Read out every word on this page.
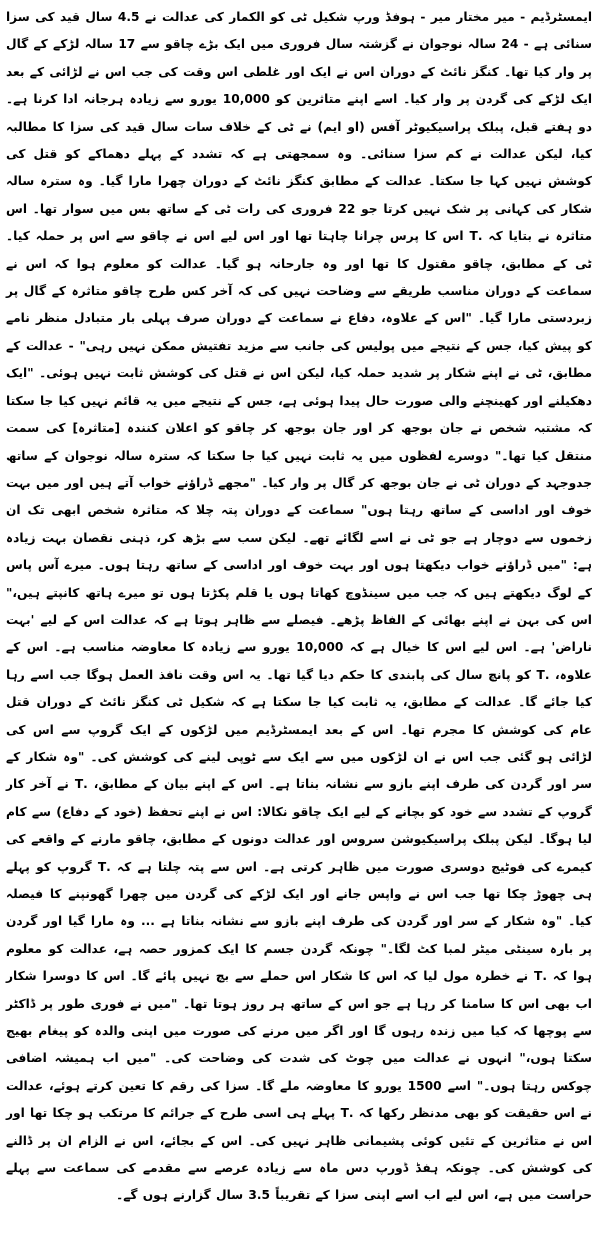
ایمسٹرڈیم - میر مختار میر - ہوفڈ ورپ شکیل ٹی کو الکمار کی عدالت نے 4.5 سال قید کی سزا سنائی ہے - 24 سالہ نوجوان نے گزشتہ سال فروری میں ایک بڑے چاقو سے 17 سالہ لڑکے کے گال پر وار کیا تھا۔ کنگز نائٹ کے دوران اس نے ایک اور غلطی اس وقت کی جب اس نے لڑائی کے بعد ایک لڑکے کی گردن پر وار کیا۔ اسے اپنے متاثرین کو 10,000 یورو سے زیادہ ہرجانہ ادا کرنا ہے۔ دو ہفتے قبل، پبلک پراسیکیوٹر آفس (او ایم) نے ٹی کے خلاف سات سال قید کی سزا کا مطالبہ کیا، لیکن عدالت نے کم سزا سنائی۔ وہ سمجھتی ہے کہ تشدد کے پہلے دھماکے کو قتل کی کوشش نہیں کہا جا سکتا۔ عدالت کے مطابق کنگز نائٹ کے دوران چھرا مارا گیا۔ وہ سترہ سالہ شکار کی کہانی پر شک نہیں کرتا جو 22 فروری کی رات ٹی کے ساتھ بس میں سوار تھا۔ اس متاثرہ نے بتایا کہ .T اس کا پرس چرانا چاہتا تھا اور اس لیے اس نے چاقو سے اس پر حملہ کیا۔ ٹی کے مطابق، چاقو مقتول کا تھا اور وہ جارحانہ ہو گیا۔ عدالت کو معلوم ہوا کہ اس نے سماعت کے دوران مناسب طریقے سے وضاحت نہیں کی کہ آخر کس طرح چاقو متاثرہ کے گال پر زبردستی مارا گیا۔ "اس کے علاوہ، دفاع نے سماعت کے دوران صرف پہلی بار متبادل منظر نامے کو پیش کیا، جس کے نتیجے میں پولیس کی جانب سے مزید تفتیش ممکن نہیں رہی" - عدالت کے مطابق، ٹی نے اپنے شکار پر شدید حملہ کیا، لیکن اس نے قتل کی کوشش ثابت نہیں ہوئی۔ "ایک دھکیلنے اور کھینچنے والی صورت حال پیدا ہوئی ہے، جس کے نتیجے میں یہ قائم نہیں کیا جا سکتا کہ مشتبہ شخص نے جان بوجھ کر اور جان بوجھ کر چاقو کو اعلان کنندہ [متاثرہ] کی سمت منتقل کیا تھا۔" دوسرے لفظوں میں یہ ثابت نہیں کیا جا سکتا کہ سترہ سالہ نوجوان کے ساتھ جدوجہد کے دوران ٹی نے جان بوجھ کر گال پر وار کیا۔ "مجھے ڈراؤنے خواب آتے ہیں اور میں بہت خوف اور اداسی کے ساتھ رہتا ہوں" سماعت کے دوران پتہ چلا کہ متاثرہ شخص ابھی تک ان زخموں سے دوچار ہے جو ٹی نے اسے لگائے تھے۔ لیکن سب سے بڑھ کر، ذہنی نقصان بہت زیادہ ہے: "میں ڈراؤنے خواب دیکھتا ہوں اور بہت خوف اور اداسی کے ساتھ رہتا ہوں۔ میرے آس پاس کے لوگ دیکھتے ہیں کہ جب میں سینڈوچ کھاتا ہوں یا قلم پکڑتا ہوں تو میرے ہاتھ کانپتے ہیں،" اس کی بہن نے اپنے بھائی کے الفاظ پڑھے۔ فیصلے سے ظاہر ہوتا ہے کہ عدالت اس کے لیے 'بہت ناراض' ہے۔ اس لیے اس کا خیال ہے کہ 10,000 یورو سے زیادہ کا معاوضہ مناسب ہے۔ اس کے علاوہ، .T کو پانچ سال کی پابندی کا حکم دیا گیا تھا۔ یہ اس وقت نافذ العمل ہوگا جب اسے رہا کیا جائے گا۔ عدالت کے مطابق، یہ ثابت کیا جا سکتا ہے کہ شکیل ٹی کنگز نائٹ کے دوران قتل عام کی کوشش کا مجرم تھا۔ اس کے بعد ایمسٹرڈیم میں لڑکوں کے ایک گروپ سے اس کی لڑائی ہو گئی جب اس نے ان لڑکوں میں سے ایک سے ٹوپی لینے کی کوشش کی۔ "وہ شکار کے سر اور گردن کی طرف اپنے بازو سے نشانہ بناتا ہے۔ اس کے اپنے بیان کے مطابق، .T نے آخر کار گروپ کے تشدد سے خود کو بچانے کے لیے ایک چاقو نکالا: اس نے اپنے تحفظ (خود کے دفاع) سے کام لیا ہوگا۔ لیکن پبلک پراسیکیوشن سروس اور عدالت دونوں کے مطابق، چاقو مارنے کے واقعے کی کیمرے کی فوٹیج دوسری صورت میں ظاہر کرتی ہے۔ اس سے پتہ چلتا ہے کہ .T گروپ کو پہلے ہی چھوڑ چکا تھا جب اس نے واپس جانے اور ایک لڑکے کی گردن میں چھرا گھونپنے کا فیصلہ کیا۔ "وہ شکار کے سر اور گردن کی طرف اپنے بازو سے نشانہ بناتا ہے ... وہ مارا گیا اور گردن پر بارہ سینٹی میٹر لمبا کٹ لگا۔" چونکہ گردن جسم کا ایک کمزور حصہ ہے، عدالت کو معلوم ہوا کہ .T نے خطرہ مول لیا کہ اس کا شکار اس حملے سے بچ نہیں پائے گا۔ اس کا دوسرا شکار اب بھی اس کا سامنا کر رہا ہے جو اس کے ساتھ ہر روز ہوتا تھا۔ "میں نے فوری طور پر ڈاکٹر سے پوچھا کہ کیا میں زندہ رہوں گا اور اگر میں مرنے کی صورت میں اپنی والدہ کو پیغام بھیج سکتا ہوں،" انہوں نے عدالت میں چوٹ کی شدت کی وضاحت کی۔ "میں اب ہمیشہ اضافی چوکس رہتا ہوں۔" اسے 1500 یورو کا معاوضہ ملے گا۔ سزا کی رقم کا تعین کرتے ہوئے، عدالت نے اس حقیقت کو بھی مدنظر رکھا کہ .T پہلے ہی اسی طرح کے جرائم کا مرتکب ہو چکا تھا اور اس نے متاثرین کے تئیں کوئی پشیمانی ظاہر نہیں کی۔ اس کے بجائے، اس نے الزام ان پر ڈالنے کی کوشش کی۔ چونکہ ہفڈ ڈورپ دس ماہ سے زیادہ عرصے سے مقدمے کی سماعت سے پہلے حراست میں ہے، اس لیے اب اسے اپنی سزا کے تقریباً 3.5 سال گزارنے ہوں گے۔
